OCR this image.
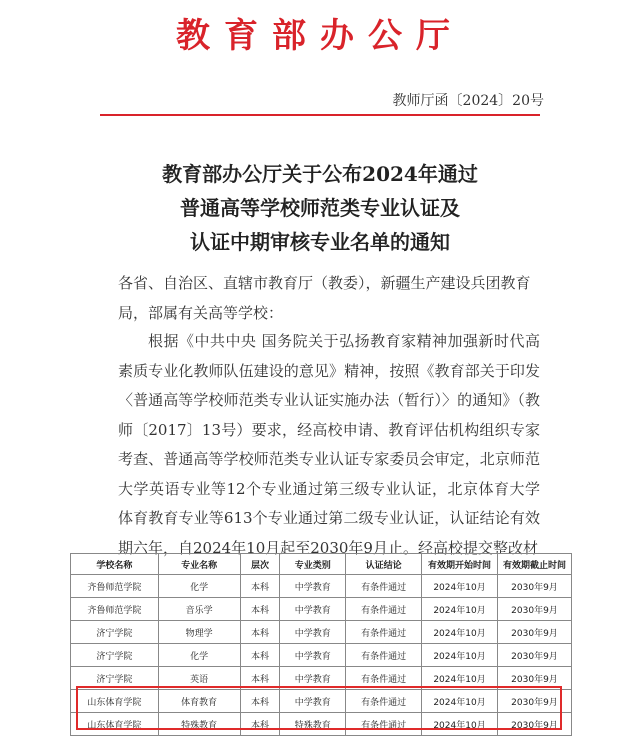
教育部办公厅
教师厅函〔2024〕20号
教育部办公厅关于公布2024年通过
普通高等学校师范类专业认证及
认证中期审核专业名单的通知
各省、自治区、直辖市教育厅（教委），新疆生产建设兵团教育局，部属有关高等学校：
根据《中共中央 国务院关于弘扬教育家精神加强新时代高素质专业化教师队伍建设的意见》精神，按照《教育部关于印发〈普通高等学校师范类专业认证实施办法（暂行）〉的通知》（教师〔2017〕13号）要求，经高校申请、教育评估机构组织专家考查、普通高等学校师范类专业认证专家委员会审定，北京师范大学英语专业等12个专业通过第三级专业认证，北京体育大学体育教育专业等613个专业通过第二级专业认证，认证结论有效期六年，自2024年10月起至2030年9月止。经高校提交整改材
学校名称	专业名称	层次	专业类别	认证结论	有效期开始时间	有效期截止时间
齐鲁师范学院	化学	本科	中学教育	有条件通过	2024年10月	2030年9月
齐鲁师范学院	音乐学	本科	中学教育	有条件通过	2024年10月	2030年9月
济宁学院	物理学	本科	中学教育	有条件通过	2024年10月	2030年9月
济宁学院	化学	本科	中学教育	有条件通过	2024年10月	2030年9月
济宁学院	英语	本科	中学教育	有条件通过	2024年10月	2030年9月
山东体育学院	体育教育	本科	中学教育	有条件通过	2024年10月	2030年9月
山东体育学院	特殊教育	本科	特殊教育	有条件通过	2024年10月	2030年9月
